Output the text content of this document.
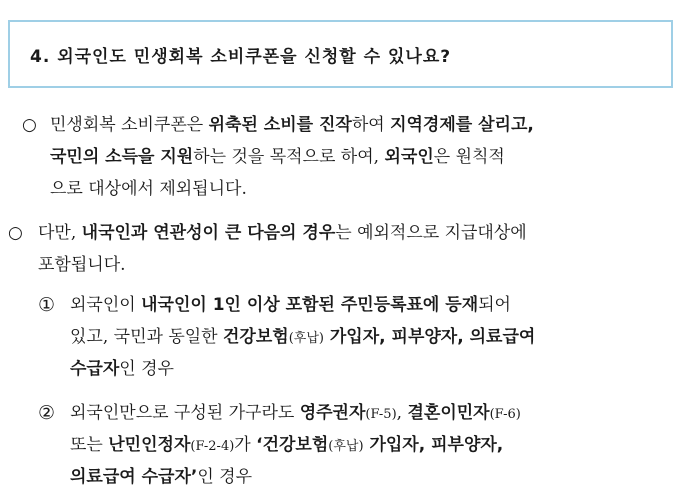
4. 외국인도 민생회복 소비쿠폰을 신청할 수 있나요?
○ 민생회복 소비쿠폰은 위축된 소비를 진작하여 지역경제를 살리고,
국민의 소득을 지원하는 것을 목적으로 하여, 외국인은 원칙적
으로 대상에서 제외됩니다.
○ 다만, 내국인과 연관성이 큰 다음의 경우는 예외적으로 지급대상에
포함됩니다.
① 외국인이 내국인이 1인 이상 포함된 주민등록표에 등재되어
있고, 국민과 동일한 건강보험(후납) 가입자, 피부양자, 의료급여
수급자인 경우
② 외국인만으로 구성된 가구라도 영주권자(F-5), 결혼이민자(F-6)
또는 난민인정자(F-2-4)가 ‘건강보험(후납) 가입자, 피부양자,
의료급여 수급자’인 경우
